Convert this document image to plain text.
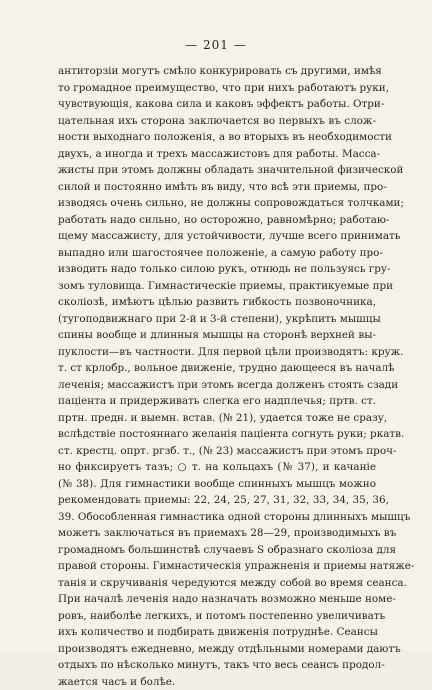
— 201 —
антиторзiи могутъ смѣло конкурировать съ другими, имѣя
то громадное преимущество, что при нихъ работаютъ руки,
чувствующiя, какова сила и каковъ эффектъ работы. Отри-
цательная ихъ сторона заключается во первыхъ въ слож-
ности выходнаго положенiя, а во вторыхъ въ необходимости
двухъ, а иногда и трехъ массажистовъ для работы. Масса-
жисты при этомъ должны обладать значительной физической
силой и постоянно имѣть въ виду, что всѣ эти приемы, про-
изводясь очень сильно, не должны сопровождаться толчками;
работать надо сильно, но осторожно, равномѣрно; работаю-
щему массажисту, для устойчивости, лучше всего принимать
выпадно или шагостоячее положенiе, а самую работу про-
изводить надо только силою рукъ, отнюдь не пользуясь гру-
зомъ туловища. Гимнастическiе приемы, практикуемые при
сколiозѣ, имѣютъ цѣлью развить гибкость позвоночника,
(тугоподвижнаго при 2-й и 3-й степени), укрѣпить мышцы
спины вообще и длинныя мышцы на сторонѣ верхней вы-
пуклости—въ частности. Для первой цѣли производятъ: круж.
т. ст крлобр., вольное движенiе, трудно дающееся въ началѣ
леченiя; массажистъ при этомъ всегда долженъ стоять сзади
пацiента и придерживать слегка его надплечья; пртв. ст.
пртн. предн. и выемн. встав. (№ 21), удается тоже не сразу,
вслѣдствiе постояннаго желанiя пацiента согнуть руки; ркатв.
ст. крестц. опрт. ргзб. т., (№ 23) массажистъ при этомъ проч-
но фиксируетъ тазъ; ○ т. на кольцахъ (№ 37), и качанiе
(№ 38). Для гимнастики вообще спинныхъ мышцъ можно
рекомендовать приемы: 22, 24, 25, 27, 31, 32, 33, 34, 35, 36,
39. Обособленная гимнастика одной стороны длинныхъ мышцъ
можетъ заключаться въ приемахъ 28—29, производимыхъ въ
громадномъ большинствѣ случаевъ S образнаго сколiоза для
правой стороны. Гимнастическiя упражненiя и приемы натяже-
танiя и скручиванiя чередуются между собой во время сеанса.
При началѣ леченiя надо назначать возможно меньше номе-
ровъ, наиболѣе легкихъ, и потомъ постепенно увеличивать
ихъ количество и подбирать движенiя потруднѣе. Сеансы
производятъ ежедневно, между отдѣльными номерами даютъ
отдыхъ по нѣсколько минутъ, такъ что весь сеансъ продол-
жается часъ и болѣе.
